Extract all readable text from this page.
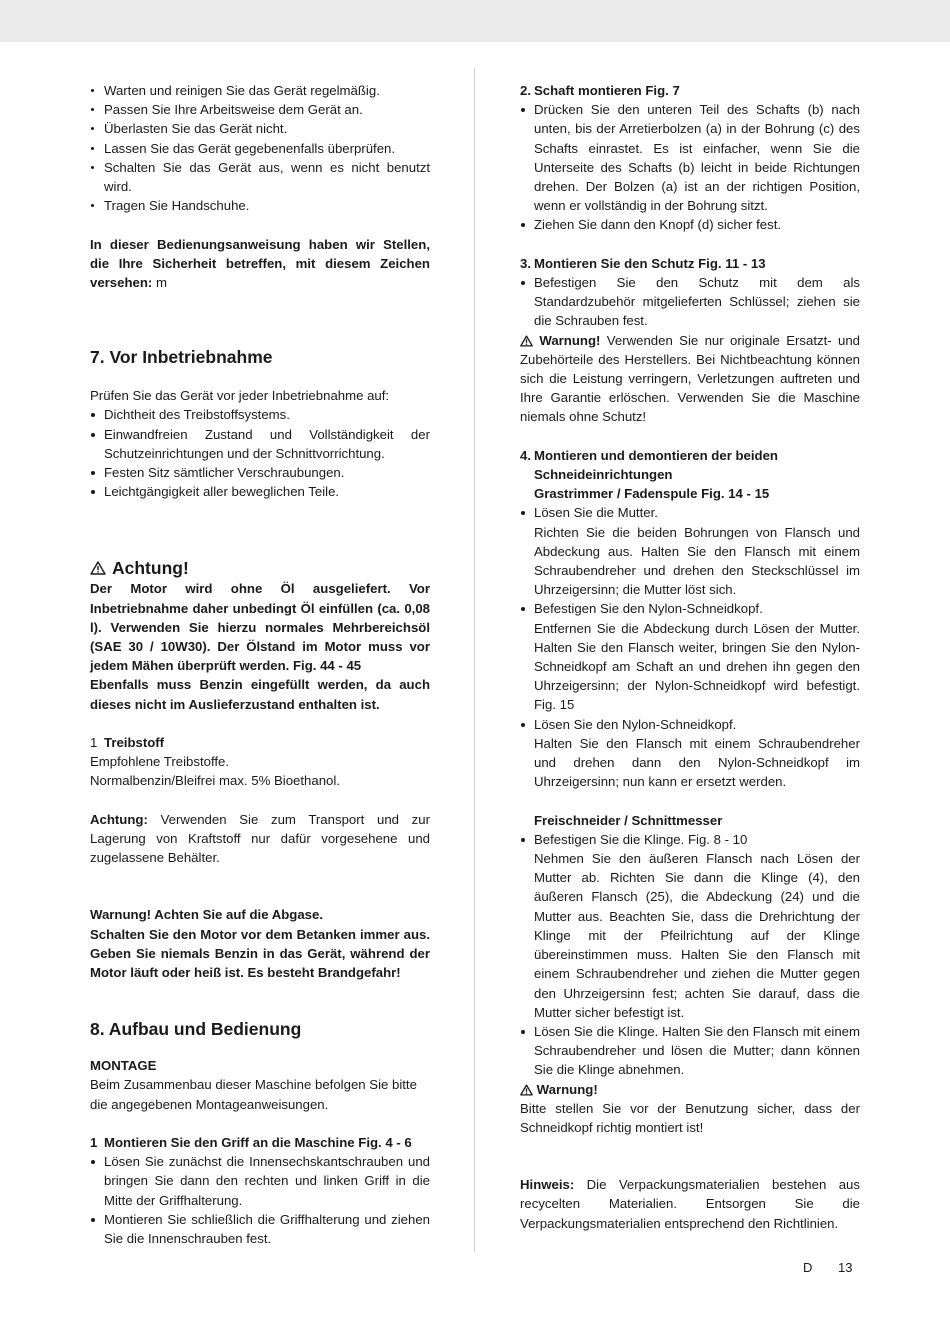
Warten und reinigen Sie das Gerät regelmäßig.
Passen Sie Ihre Arbeitsweise dem Gerät an.
Überlasten Sie das Gerät nicht.
Lassen Sie das Gerät gegebenenfalls überprüfen.
Schalten Sie das Gerät aus, wenn es nicht benutzt wird.
Tragen Sie Handschuhe.

In dieser Bedienungsanweisung haben wir Stellen, die Ihre Sicherheit betreffen, mit diesem Zeichen versehen: m

7. Vor Inbetriebnahme

Prüfen Sie das Gerät vor jeder Inbetriebnahme auf:

Dichtheit des Treibstoffsystems.
Einwandfreien Zustand und Vollständigkeit der Schutzeinrichtungen und der Schnittvorrichtung.
Festen Sitz sämtlicher Verschraubungen.
Leichtgängigkeit aller beweglichen Teile.
Achtung!

Der Motor wird ohne Öl ausgeliefert. Vor Inbetriebnahme daher unbedingt Öl einfüllen (ca. 0,08 l). Verwenden Sie hierzu normales Mehrbereichsöl (SAE 30 / 10W30). Der Ölstand im Motor muss vor jedem Mähen überprüft werden. Fig. 44 - 45

Ebenfalls muss Benzin eingefüllt werden, da auch dieses nicht im Auslieferzustand enthalten ist.

1 Treibstoff

Empfohlene Treibstoffe.

Normalbenzin/Bleifrei max. 5% Bioethanol.

Achtung: Verwenden Sie zum Transport und zur Lagerung von Kraftstoff nur dafür vorgesehene und zugelassene Behälter.

Warnung! Achten Sie auf die Abgase.

Schalten Sie den Motor vor dem Betanken immer aus. Geben Sie niemals Benzin in das Gerät, während der Motor läuft oder heiß ist. Es besteht Brandgefahr!

8. Aufbau und Bedienung

MONTAGE

Beim Zusammenbau dieser Maschine befolgen Sie bitte die angegebenen Montageanweisungen.

1 Montieren Sie den Griff an die Maschine Fig. 4 - 6

Lösen Sie zunächst die Innensechskantschrauben und bringen Sie dann den rechten und linken Griff in die Mitte der Griffhalterung.
Montieren Sie schließlich die Griffhalterung und ziehen Sie die Innenschrauben fest.

2. Schaft montieren Fig. 7

Drücken Sie den unteren Teil des Schafts (b) nach unten, bis der Arretierbolzen (a) in der Bohrung (c) des Schafts einrastet. Es ist einfacher, wenn Sie die Unterseite des Schafts (b) leicht in beide Richtungen drehen. Der Bolzen (a) ist an der richtigen Position, wenn er vollständig in der Bohrung sitzt.
Ziehen Sie dann den Knopf (d) sicher fest.

3. Montieren Sie den Schutz Fig. 11 - 13

Befestigen Sie den Schutz mit dem als Standardzubehör mitgelieferten Schlüssel; ziehen sie die Schrauben fest.

Warnung! Verwenden Sie nur originale Ersatzt- und Zubehörteile des Herstellers. Bei Nichtbeachtung können sich die Leistung verringern, Verletzungen auftreten und Ihre Garantie erlöschen. Verwenden Sie die Maschine niemals ohne Schutz!

4. Montieren und demontieren der beiden Schneideinrichtungen

Grastrimmer / Fadenspule Fig. 14 - 15

Lösen Sie die Mutter.
Richten Sie die beiden Bohrungen von Flansch und Abdeckung aus. Halten Sie den Flansch mit einem Schraubendreher und drehen den Steckschlüssel im Uhrzeigersinn; die Mutter löst sich.
Befestigen Sie den Nylon-Schneidkopf.
Entfernen Sie die Abdeckung durch Lösen der Mutter. Halten Sie den Flansch weiter, bringen Sie den Nylon-Schneidkopf am Schaft an und drehen ihn gegen den Uhrzeigersinn; der Nylon-Schneidkopf wird befestigt. Fig. 15
Lösen Sie den Nylon-Schneidkopf.
Halten Sie den Flansch mit einem Schraubendreher und drehen dann den Nylon-Schneidkopf im Uhrzeigersinn; nun kann er ersetzt werden.

Freischneider / Schnittmesser

Befestigen Sie die Klinge. Fig. 8 - 10
Nehmen Sie den äußeren Flansch nach Lösen der Mutter ab. Richten Sie dann die Klinge (4), den äußeren Flansch (25), die Abdeckung (24) und die Mutter aus. Beachten Sie, dass die Drehrichtung der Klinge mit der Pfeilrichtung auf der Klinge übereinstimmen muss. Halten Sie den Flansch mit einem Schraubendreher und ziehen die Mutter gegen den Uhrzeigersinn fest; achten Sie darauf, dass die Mutter sicher befestigt ist.
Lösen Sie die Klinge. Halten Sie den Flansch mit einem Schraubendreher und lösen die Mutter; dann können Sie die Klinge abnehmen.

Warnung!

Bitte stellen Sie vor der Benutzung sicher, dass der Schneidkopf richtig montiert ist!

Hinweis: Die Verpackungsmaterialien bestehen aus recycelten Materialien. Entsorgen Sie die Verpackungsmaterialien entsprechend den Richtlinien.

D 13
